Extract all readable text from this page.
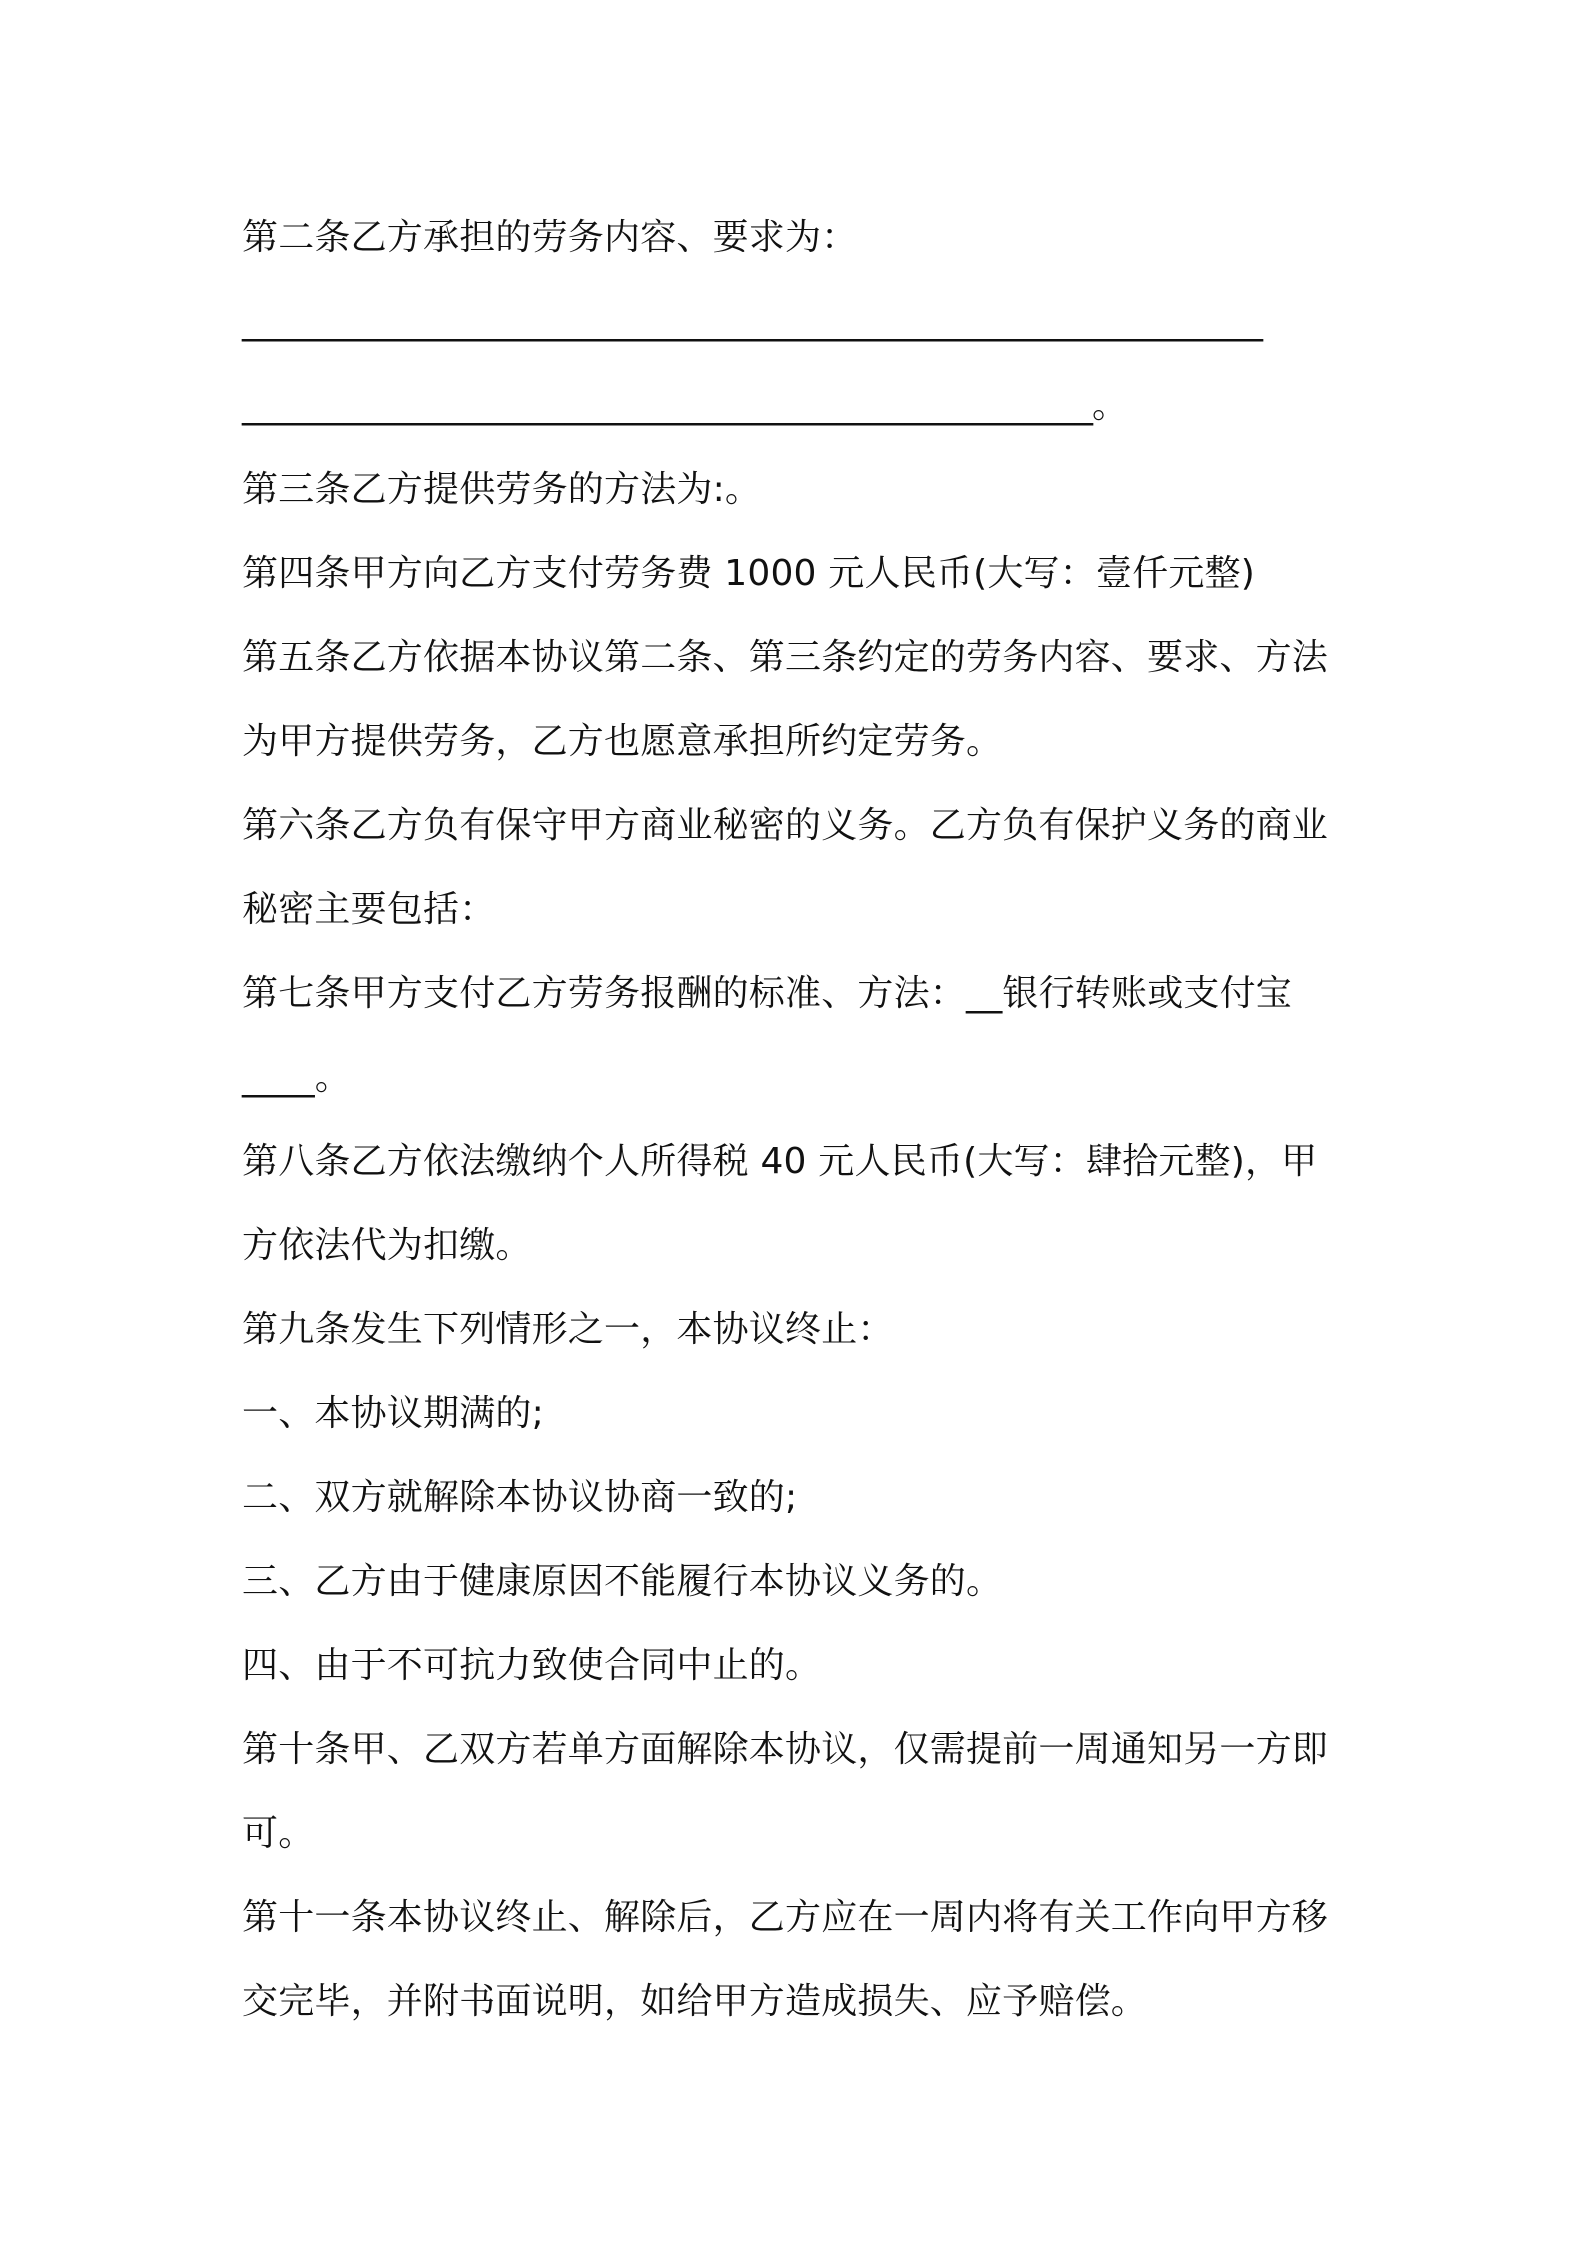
第二条乙方承担的劳务内容、要求为：
____________________________________________________________
__________________________________________________。
第三条乙方提供劳务的方法为:。
第四条甲方向乙方支付劳务费 1000 元人民币(大写：壹仟元整)
第五条乙方依据本协议第二条、第三条约定的劳务内容、要求、方法
为甲方提供劳务，乙方也愿意承担所约定劳务。
第六条乙方负有保守甲方商业秘密的义务。乙方负有保护义务的商业
秘密主要包括：
第七条甲方支付乙方劳务报酬的标准、方法：__银行转账或支付宝
____。
第八条乙方依法缴纳个人所得税 40 元人民币(大写：肆拾元整)，甲
方依法代为扣缴。
第九条发生下列情形之一，本协议终止：
一、本协议期满的;
二、双方就解除本协议协商一致的;
三、乙方由于健康原因不能履行本协议义务的。
四、由于不可抗力致使合同中止的。
第十条甲、乙双方若单方面解除本协议，仅需提前一周通知另一方即
可。
第十一条本协议终止、解除后，乙方应在一周内将有关工作向甲方移
交完毕，并附书面说明，如给甲方造成损失、应予赔偿。
